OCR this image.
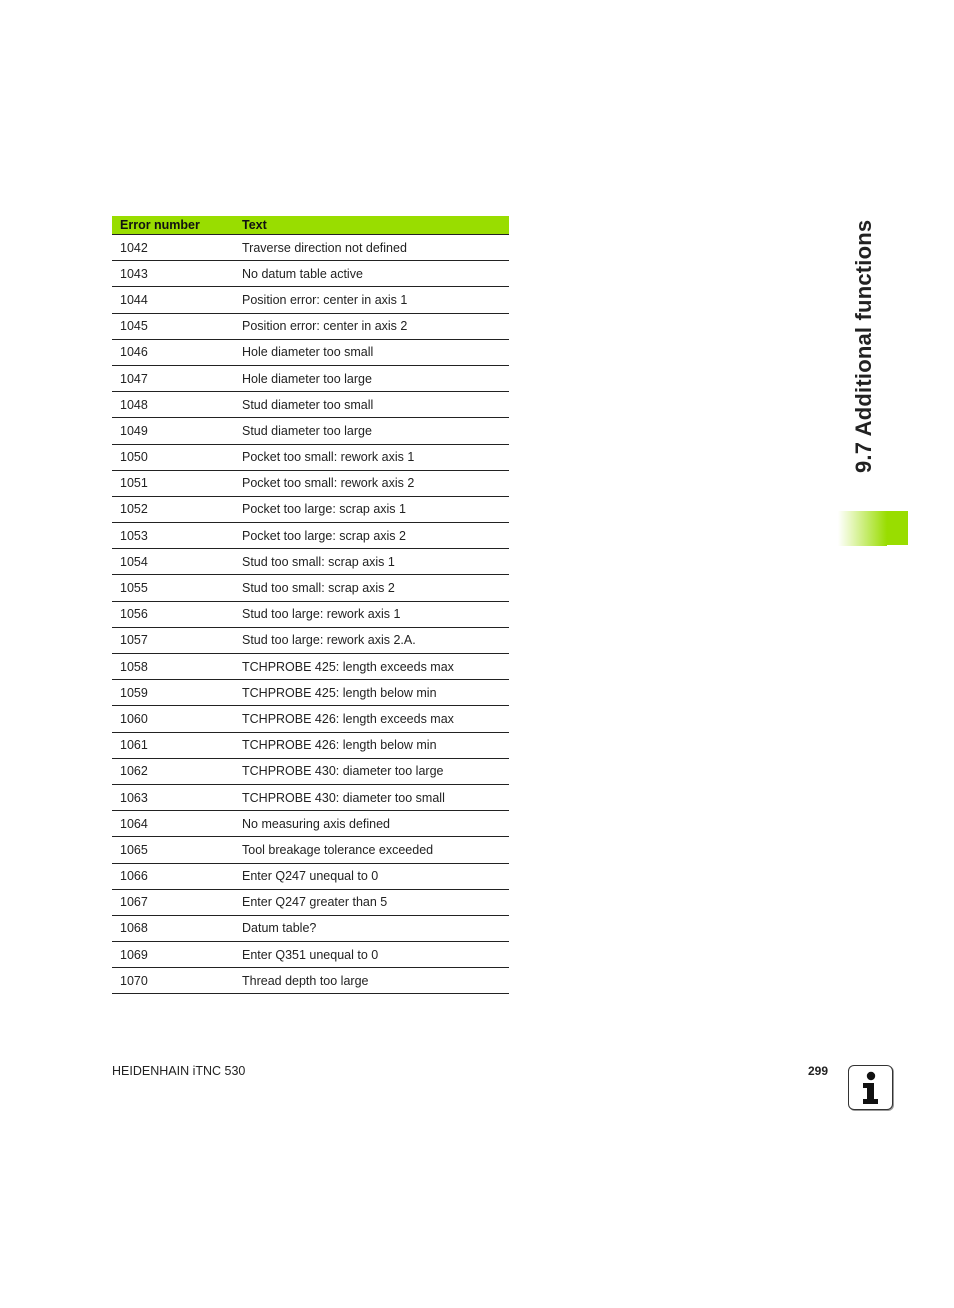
Error number	Text
1042	Traverse direction not defined
1043	No datum table active
1044	Position error: center in axis 1
1045	Position error: center in axis 2
1046	Hole diameter too small
1047	Hole diameter too large
1048	Stud diameter too small
1049	Stud diameter too large
1050	Pocket too small: rework axis 1
1051	Pocket too small: rework axis 2
1052	Pocket too large: scrap axis 1
1053	Pocket too large: scrap axis 2
1054	Stud too small: scrap axis 1
1055	Stud too small: scrap axis 2
1056	Stud too large: rework axis 1
1057	Stud too large: rework axis 2.A.
1058	TCHPROBE 425: length exceeds max
1059	TCHPROBE 425: length below min
1060	TCHPROBE 426: length exceeds max
1061	TCHPROBE 426: length below min
1062	TCHPROBE 430: diameter too large
1063	TCHPROBE 430: diameter too small
1064	No measuring axis defined
1065	Tool breakage tolerance exceeded
1066	Enter Q247 unequal to 0
1067	Enter Q247 greater than 5
1068	Datum table?
1069	Enter Q351 unequal to 0
1070	Thread depth too large
9.7 Additional functions
HEIDENHAIN iTNC 530	299
